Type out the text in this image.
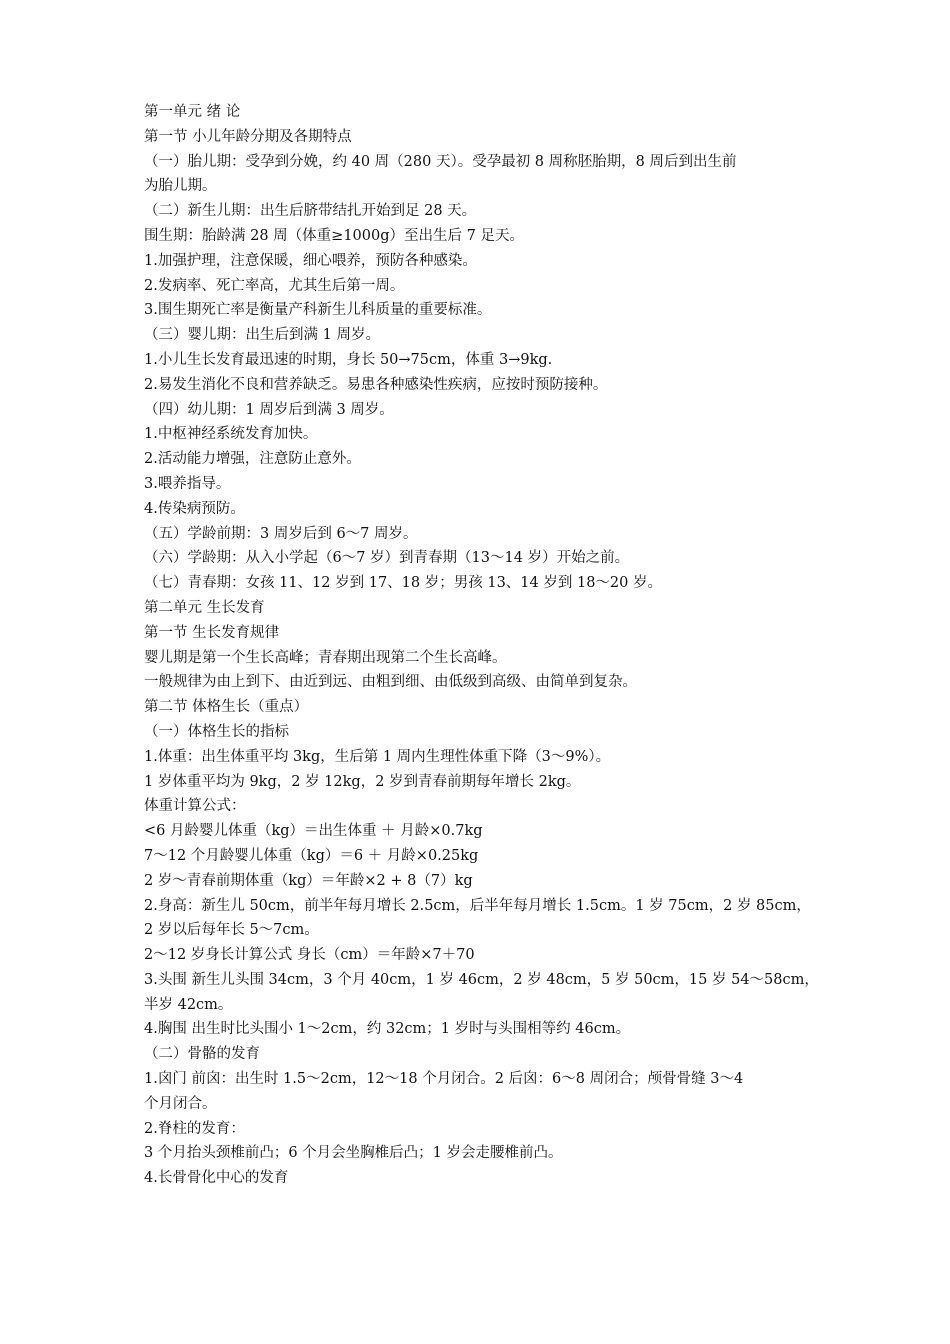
第一单元 绪 论
第一节 小儿年龄分期及各期特点
（一）胎儿期：受孕到分娩，约 40 周（280 天）。受孕最初 8 周称胚胎期，8 周后到出生前
为胎儿期。
（二）新生儿期：出生后脐带结扎开始到足 28 天。
围生期：胎龄满 28 周（体重≥1000g）至出生后 7 足天。
1.加强护理，注意保暖，细心喂养，预防各种感染。
2.发病率、死亡率高，尤其生后第一周。
3.围生期死亡率是衡量产科新生儿科质量的重要标准。
（三）婴儿期：出生后到满 1 周岁。
1.小儿生长发育最迅速的时期，身长 50→75cm，体重 3→9kg.
2.易发生消化不良和营养缺乏。易患各种感染性疾病，应按时预防接种。
（四）幼儿期：1 周岁后到满 3 周岁。
1.中枢神经系统发育加快。
2.活动能力增强，注意防止意外。
3.喂养指导。
4.传染病预防。
（五）学龄前期：3 周岁后到 6～7 周岁。
（六）学龄期：从入小学起（6～7 岁）到青春期（13～14 岁）开始之前。
（七）青春期：女孩 11、12 岁到 17、18 岁；男孩 13、14 岁到 18～20 岁。
第二单元 生长发育
第一节 生长发育规律
婴儿期是第一个生长高峰；青春期出现第二个生长高峰。
一般规律为由上到下、由近到远、由粗到细、由低级到高级、由简单到复杂。
第二节 体格生长（重点）
（一）体格生长的指标
1.体重：出生体重平均 3kg，生后第 1 周内生理性体重下降（3～9%）。
1 岁体重平均为 9kg，2 岁 12kg，2 岁到青春前期每年增长 2kg。
体重计算公式：
<6 月龄婴儿体重（kg）＝出生体重 ＋ 月龄×0.7kg
7～12 个月龄婴儿体重（kg）＝6 ＋ 月龄×0.25kg
2 岁～青春前期体重（kg）＝年龄×2 + 8（7）kg
2.身高：新生儿 50cm，前半年每月增长 2.5cm，后半年每月增长 1.5cm。1 岁 75cm，2 岁 85cm，
2 岁以后每年长 5～7cm。
2～12 岁身长计算公式 身长（cm）＝年龄×7＋70
3.头围 新生儿头围 34cm，3 个月 40cm，1 岁 46cm，2 岁 48cm，5 岁 50cm，15 岁 54～58cm，
半岁 42cm。
4.胸围 出生时比头围小 1～2cm，约 32cm；1 岁时与头围相等约 46cm。
（二）骨骼的发育
1.囟门 前囟：出生时 1.5～2cm，12～18 个月闭合。2 后囟：6～8 周闭合；颅骨骨缝 3～4
个月闭合。
2.脊柱的发育：
3 个月抬头颈椎前凸；6 个月会坐胸椎后凸；1 岁会走腰椎前凸。
4.长骨骨化中心的发育
